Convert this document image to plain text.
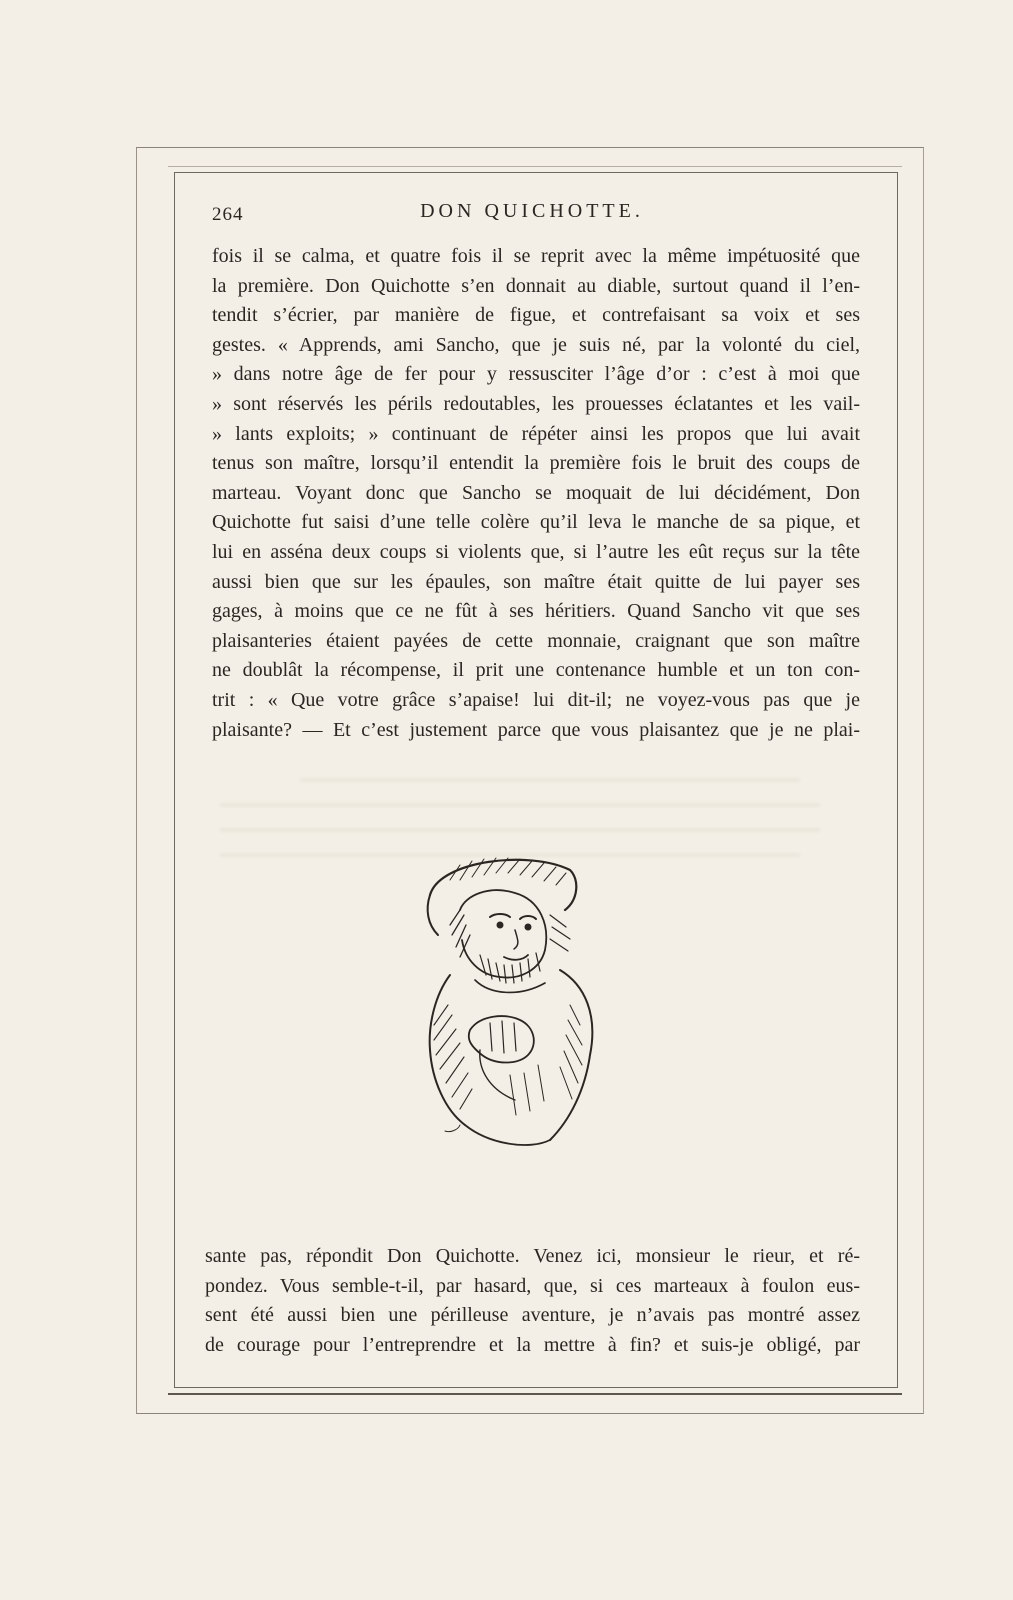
264	DON QUICHOTTE.
fois il se calma, et quatre fois il se reprit avec la même impétuosité que
la première. Don Quichotte s’en donnait au diable, surtout quand il l’en-
tendit s’écrier, par manière de figue, et contrefaisant sa voix et ses
gestes. « Apprends, ami Sancho, que je suis né, par la volonté du ciel,
» dans notre âge de fer pour y ressusciter l’âge d’or : c’est à moi que
» sont réservés les périls redoutables, les prouesses éclatantes et les vail-
» lants exploits; » continuant de répéter ainsi les propos que lui avait
tenus son maître, lorsqu’il entendit la première fois le bruit des coups de
marteau. Voyant donc que Sancho se moquait de lui décidément, Don
Quichotte fut saisi d’une telle colère qu’il leva le manche de sa pique, et
lui en asséna deux coups si violents que, si l’autre les eût reçus sur la tête
aussi bien que sur les épaules, son maître était quitte de lui payer ses
gages, à moins que ce ne fût à ses héritiers. Quand Sancho vit que ses
plaisanteries étaient payées de cette monnaie, craignant que son maître
ne doublât la récompense, il prit une contenance humble et un ton con-
trit : « Que votre grâce s’apaise! lui dit-il; ne voyez-vous pas que je
plaisante? — Et c’est justement parce que vous plaisantez que je ne plai-
sante pas, répondit Don Quichotte. Venez ici, monsieur le rieur, et ré-
pondez. Vous semble-t-il, par hasard, que, si ces marteaux à foulon eus-
sent été aussi bien une périlleuse aventure, je n’avais pas montré assez
de courage pour l’entreprendre et la mettre à fin? et suis-je obligé, par
